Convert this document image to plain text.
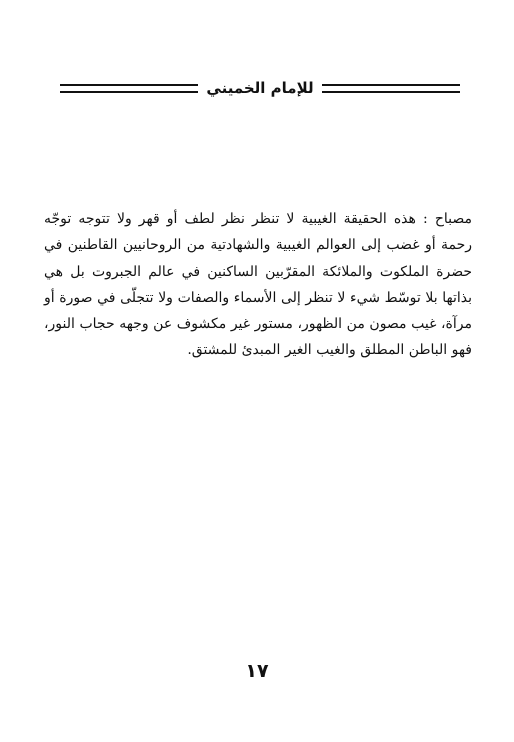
للإمام الخميني
مصباح : هذه الحقيقة الغيبية لا تنظر نظر لطف أو قهر ولا تتوجه توجّه رحمة أو غضب إلى العوالم الغيبية والشهادتية من الروحانيين القاطنين في حضرة الملكوت والملائكة المقرّبين الساكنين في عالم الجبروت بل هي بذاتها بلا توسّط شيء لا تنظر إلى الأسماء والصفات ولا تتجلّى في صورة أو مرآة، غيب مصون من الظهور، مستور غير مكشوف عن وجهه حجاب النور، فهو الباطن المطلق والغيب الغير المبدئ للمشتق.
١٧
